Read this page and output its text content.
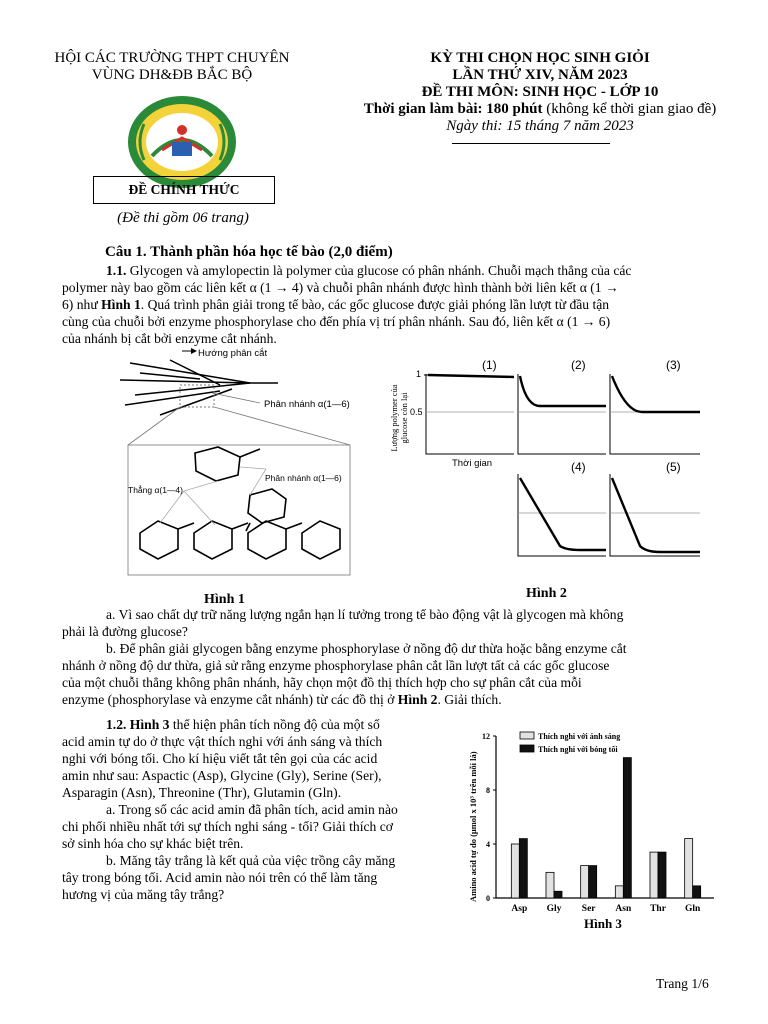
HỘI CÁC TRƯỜNG THPT CHUYÊN
VÙNG DH&ĐB BẮC BỘ
KỲ THI CHỌN HỌC SINH GIỎI
LẦN THỨ XIV, NĂM 2023
ĐỀ THI MÔN: SINH HỌC - LỚP 10
Thời gian làm bài: 180 phút (không kể thời gian giao đề)
Ngày thi: 15 tháng 7 năm 2023
ĐỀ CHÍNH THỨC
(Đề thi gồm 06 trang)
Câu 1. Thành phần hóa học tế bào (2,0 điểm)
1.1. Glycogen và amylopectin là polymer của glucose có phân nhánh. Chuỗi mạch thẳng của các
polymer này bao gồm các liên kết α (1 → 4) và chuỗi phân nhánh được hình thành bởi liên kết α (1 →
6) như Hình 1. Quá trình phân giải trong tế bào, các gốc glucose được giải phóng lần lượt từ đầu tận
cùng của chuỗi bởi enzyme phosphorylase cho đến phía vị trí phân nhánh. Sau đó, liên kết α (1 → 6)
của nhánh bị cắt bởi enzyme cắt nhánh.
Hướng phân cắt
Phân nhánh α(1—6)
Thẳng α(1—4)
Phân nhánh α(1—6)
Hình 1
1
0.5
Thời gian
Lượng polymer của glucose còn lại
(1)	(2)	(3)
(4)	(5)
Hình 2
a. Vì sao chất dự trữ năng lượng ngắn hạn lí tưởng trong tế bào động vật là glycogen mà không
phải là đường glucose?
b. Để phân giải glycogen bằng enzyme phosphorylase ở nồng độ dư thừa hoặc bằng enzyme cắt
nhánh ở nồng độ dư thừa, giả sử rằng enzyme phosphorylase phân cắt lần lượt tất cả các gốc glucose
của một chuỗi thẳng không phân nhánh, hãy chọn một đồ thị thích hợp cho sự phân cắt của mỗi
enzyme (phosphorylase và enzyme cắt nhánh) từ các đồ thị ở Hình 2. Giải thích.
1.2. Hình 3 thể hiện phân tích nồng độ của một số
acid amin tự do ở thực vật thích nghi với ánh sáng và thích
nghi với bóng tối. Cho kí hiệu viết tắt tên gọi của các acid
amin như sau: Aspactic (Asp), Glycine (Gly), Serine (Ser),
Asparagin (Asn), Threonine (Thr), Glutamin (Gln).
a. Trong số các acid amin đã phân tích, acid amin nào
chi phối nhiều nhất tới sự thích nghi sáng - tối? Giải thích cơ
sở sinh hóa cho sự khác biệt trên.
b. Măng tây trắng là kết quả của việc trồng cây măng
tây trong bóng tối. Acid amin nào nói trên có thể làm tăng
hương vị của măng tây trắng?	Amino acid tự do (μmol x 10³ trên mỗi lá) 0
4
8
12
Asp Gly Ser Asn Thr Gln
Thích nghi với ánh sáng
Thích nghi với bóng tối
Hình 3
Trang 1/6
